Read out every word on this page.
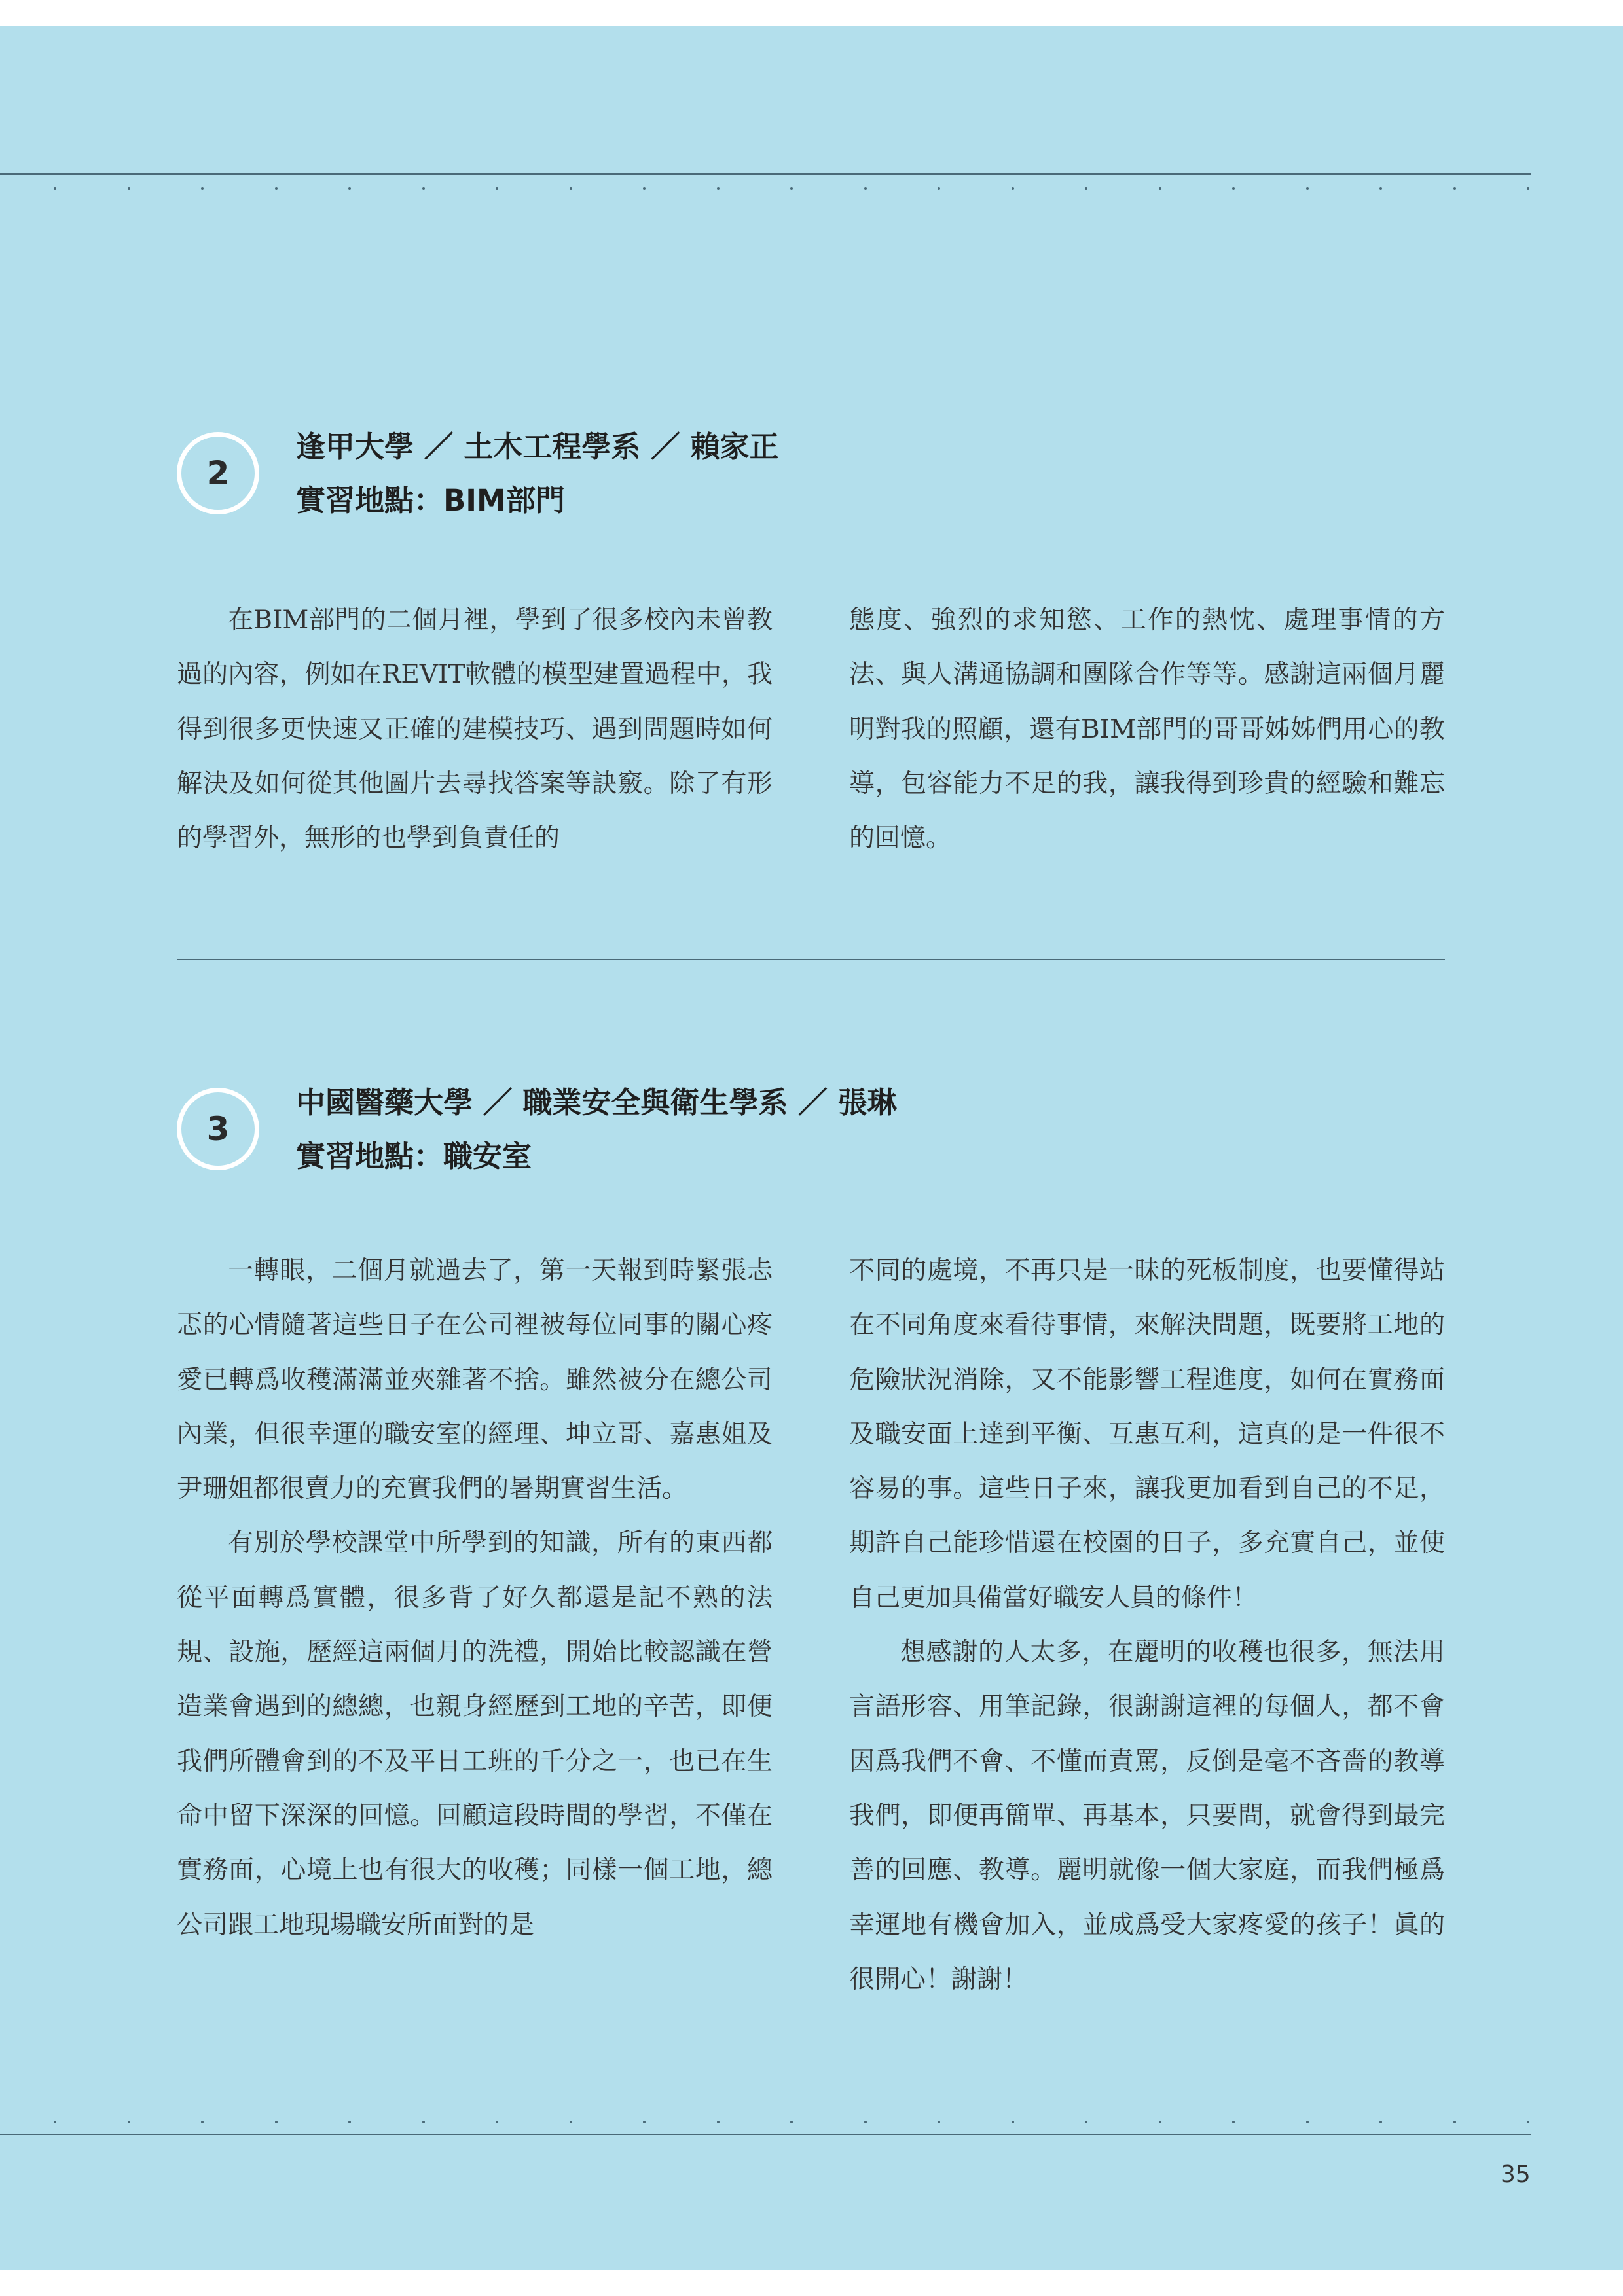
2
逢甲大學 ／ 土木工程學系 ／ 賴家正
實習地點：BIM部門

在BIM部門的二個月裡，學到了很多校內未曾教過的內容，例如在REVIT軟體的模型建置過程中，我得到很多更快速又正確的建模技巧、遇到問題時如何解決及如何從其他圖片去尋找答案等訣竅。除了有形的學習外，無形的也學到負責任的

態度、強烈的求知慾、工作的熱忱、處理事情的方法、與人溝通協調和團隊合作等等。感謝這兩個月麗明對我的照顧，還有BIM部門的哥哥姊姊們用心的教導，包容能力不足的我，讓我得到珍貴的經驗和難忘的回憶。

3
中國醫藥大學 ／ 職業安全與衛生學系 ／ 張琳
實習地點：職安室

一轉眼，二個月就過去了，第一天報到時緊張忐忑的心情隨著這些日子在公司裡被每位同事的關心疼愛已轉爲收穫滿滿並夾雜著不捨。雖然被分在總公司內業，但很幸運的職安室的經理、坤立哥、嘉惠姐及尹珊姐都很賣力的充實我們的暑期實習生活。

有別於學校課堂中所學到的知識，所有的東西都從平面轉爲實體，很多背了好久都還是記不熟的法規、設施，歷經這兩個月的洗禮，開始比較認識在營造業會遇到的總總，也親身經歷到工地的辛苦，即便我們所體會到的不及平日工班的千分之一，也已在生命中留下深深的回憶。回顧這段時間的學習，不僅在實務面，心境上也有很大的收穫；同樣一個工地，總公司跟工地現場職安所面對的是

不同的處境，不再只是一昧的死板制度，也要懂得站在不同角度來看待事情，來解決問題，既要將工地的危險狀況消除，又不能影響工程進度，如何在實務面及職安面上達到平衡、互惠互利，這真的是一件很不容易的事。這些日子來，讓我更加看到自己的不足，期許自己能珍惜還在校園的日子，多充實自己，並使自己更加具備當好職安人員的條件！

想感謝的人太多，在麗明的收穫也很多，無法用言語形容、用筆記錄，很謝謝這裡的每個人，都不會因爲我們不會、不懂而責罵，反倒是毫不吝嗇的教導我們，即便再簡單、再基本，只要問，就會得到最完善的回應、教導。麗明就像一個大家庭，而我們極爲幸運地有機會加入，並成爲受大家疼愛的孩子！眞的很開心！謝謝！

35
